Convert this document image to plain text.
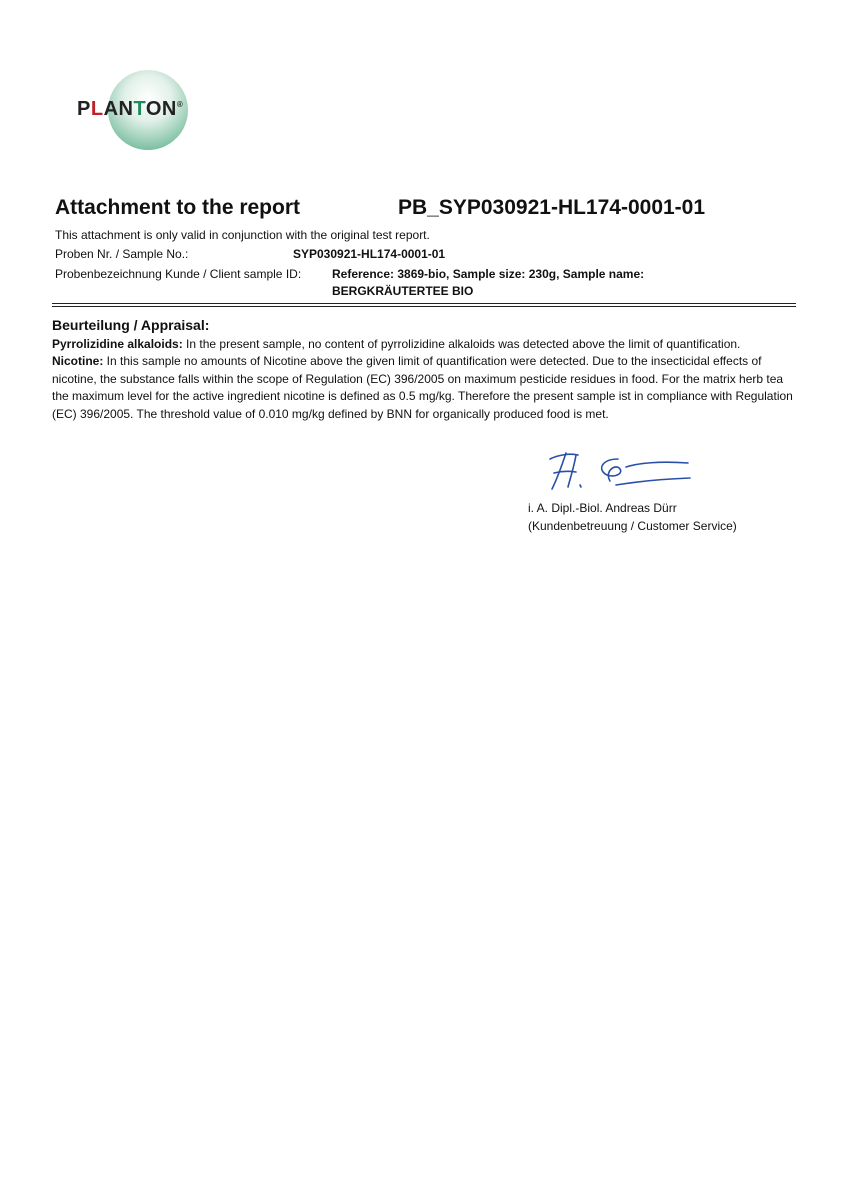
PLANTON®
Attachment to the report	PB_SYP030921-HL174-0001-01
This attachment is only valid in conjunction with the original test report.
Proben Nr. / Sample No.:	SYP030921-HL174-0001-01
Probenbezeichnung Kunde / Client sample ID:	Reference: 3869-bio, Sample size: 230g, Sample name:
BERGKRÄUTERTEE BIO
Beurteilung / Appraisal:
Pyrrolizidine alkaloids: In the present sample, no content of pyrrolizidine alkaloids was detected above the limit of quantification.
Nicotine: In this sample no amounts of Nicotine above the given limit of quantification were detected. Due to the insecticidal effects of nicotine, the substance falls within the scope of Regulation (EC) 396/2005 on maximum pesticide residues in food. For the matrix herb tea the maximum level for the active ingredient nicotine is defined as 0.5 mg/kg. Therefore the present sample ist in compliance with Regulation (EC) 396/2005. The threshold value of 0.010 mg/kg defined by BNN for organically produced food is met.
i. A. Dipl.-Biol. Andreas Dürr
(Kundenbetreuung / Customer Service)
